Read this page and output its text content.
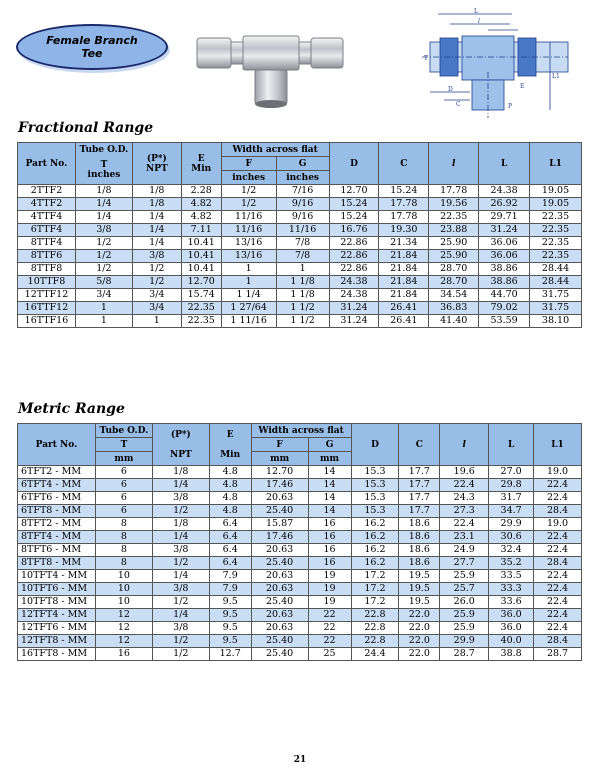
Female Branch
Tee
L
l
T
P
E
D
C
L1
Fractional Range
Part No.	Tube O.D.	(P*)
NPT	E
Min	Width across flat		D	C	l	L	L1
	T
inches			F	G					
				inches	inches					
2TTF2	1/8	1/8	2.28	1/2	7/16	12.70	15.24	17.78	24.38	19.05
4TTF2	1/4	1/8	4.82	1/2	9/16	15.24	17.78	19.56	26.92	19.05
4TTF4	1/4	1/4	4.82	11/16	9/16	15.24	17.78	22.35	29.71	22.35
6TTF4	3/8	1/4	7.11	11/16	11/16	16.76	19.30	23.88	31.24	22.35
8TTF4	1/2	1/4	10.41	13/16	7/8	22.86	21.34	25.90	36.06	22.35
8TTF6	1/2	3/8	10.41	13/16	7/8	22.86	21.84	25.90	36.06	22.35
8TTF8	1/2	1/2	10.41	1	1	22.86	21.84	28.70	38.86	28.44
10TTF8	5/8	1/2	12.70	1	1 1/8	24.38	21.84	28.70	38.86	28.44
12TTF12	3/4	3/4	15.74	1 1/4	1 1/8	24.38	21.84	34.54	44.70	31.75
16TTF12	1	3/4	22.35	1 27/64	1 1/2	31.24	26.41	36.83	79.02	31.75
16TTF16	1	1	22.35	1 11/16	1 1/2	31.24	26.41	41.40	53.59	38.10
Metric Range
Part No.	Tube O.D.	(P*)

NPT	E

Min	Width across flat		D	C	l	L	L1
	T			F	G					
	mm			mm	mm					
6TFT2 - MM	6	1/8	4.8	12.70	14	15.3	17.7	19.6	27.0	19.0
6TFT4 - MM	6	1/4	4.8	17.46	14	15.3	17.7	22.4	29.8	22.4
6TFT6 - MM	6	3/8	4.8	20.63	14	15.3	17.7	24.3	31.7	22.4
6TFT8 - MM	6	1/2	4.8	25.40	14	15.3	17.7	27.3	34.7	28.4
8TFT2 - MM	8	1/8	6.4	15.87	16	16.2	18.6	22.4	29.9	19.0
8TFT4 - MM	8	1/4	6.4	17.46	16	16.2	18.6	23.1	30.6	22.4
8TFT6 - MM	8	3/8	6.4	20.63	16	16.2	18.6	24.9	32.4	22.4
8TFT8 - MM	8	1/2	6.4	25.40	16	16.2	18.6	27.7	35.2	28.4
10TFT4 - MM	10	1/4	7.9	20.63	19	17.2	19.5	25.9	33.5	22.4
10TFT6 - MM	10	3/8	7.9	20.63	19	17.2	19.5	25.7	33.3	22.4
10TFT8 - MM	10	1/2	9.5	25.40	19	17.2	19.5	26.0	33.6	22.4
12TFT4 - MM	12	1/4	9.5	20.63	22	22.8	22.0	25.9	36.0	22.4
12TFT6 - MM	12	3/8	9.5	20.63	22	22.8	22.0	25.9	36.0	22.4
12TFT8 - MM	12	1/2	9.5	25.40	22	22.8	22.0	29.9	40.0	28.4
16TFT8 - MM	16	1/2	12.7	25.40	25	24.4	22.0	28.7	38.8	28.7
21
